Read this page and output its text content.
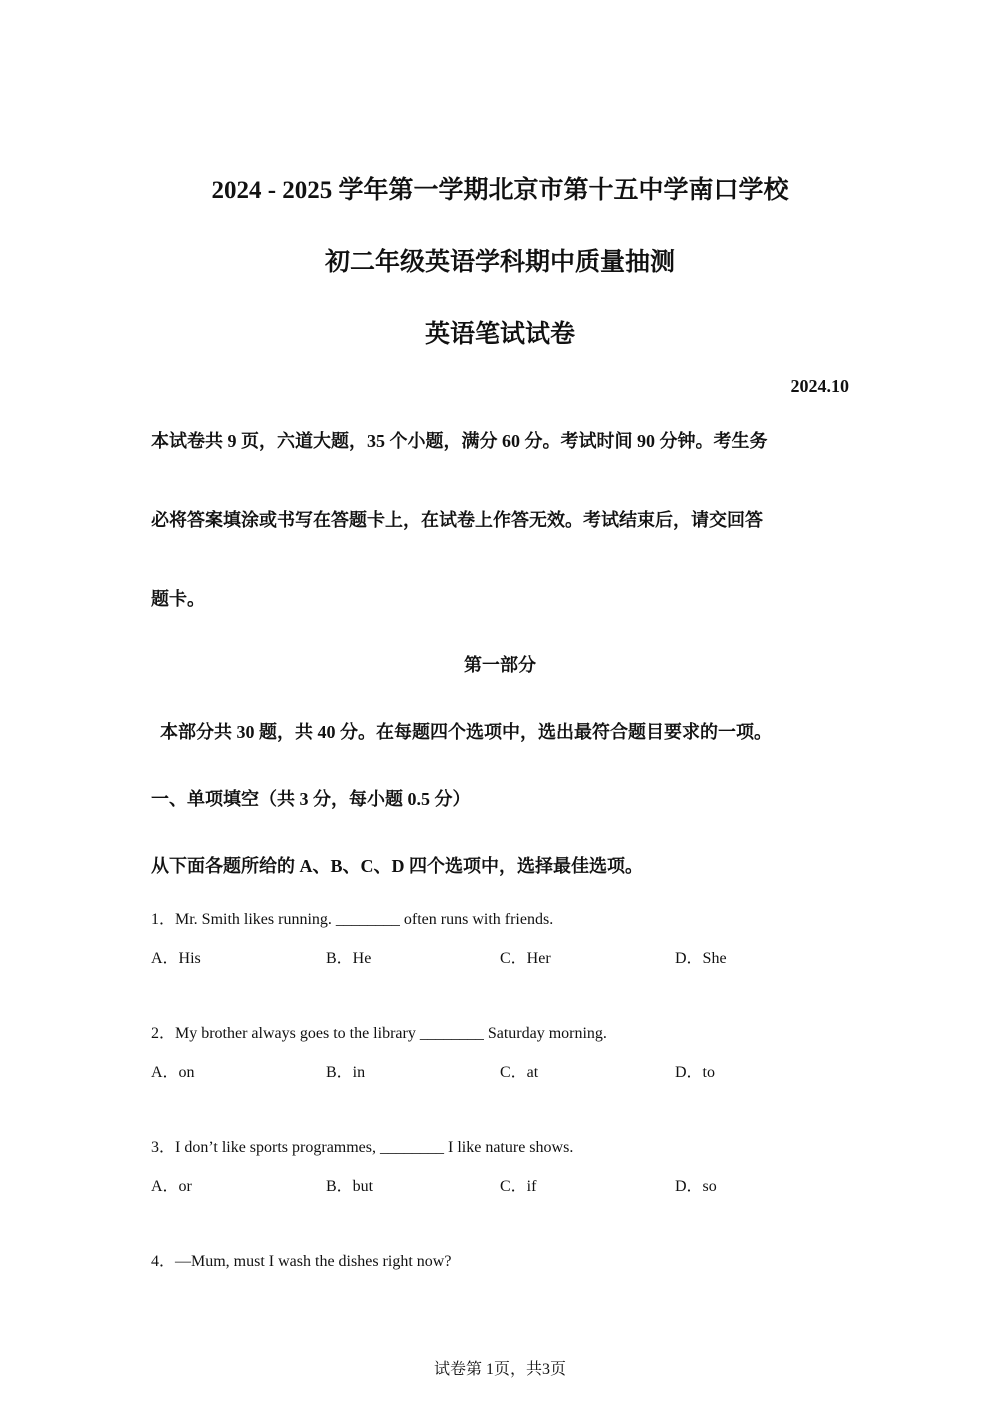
2024 - 2025 学年第一学期北京市第十五中学南口学校
初二年级英语学科期中质量抽测
英语笔试试卷
2024.10
本试卷共 9 页，六道大题，35 个小题，满分 60 分。考试时间 90 分钟。考生务
必将答案填涂或书写在答题卡上，在试卷上作答无效。考试结束后，请交回答
题卡。
第一部分
本部分共 30 题，共 40 分。在每题四个选项中，选出最符合题目要求的一项。
一、单项填空（共 3 分，每小题 0.5 分）
从下面各题所给的 A、B、C、D 四个选项中，选择最佳选项。
1．Mr. Smith likes running. ________ often runs with friends.
A．His	B．He	C．Her	D．She
2．My brother always goes to the library ________ Saturday morning.
A．on	B．in	C．at	D．to
3．I don’t like sports programmes, ________ I like nature shows.
A．or	B．but	C．if	D．so
4．—Mum, must I wash the dishes right now?
试卷第 1页，共3页
